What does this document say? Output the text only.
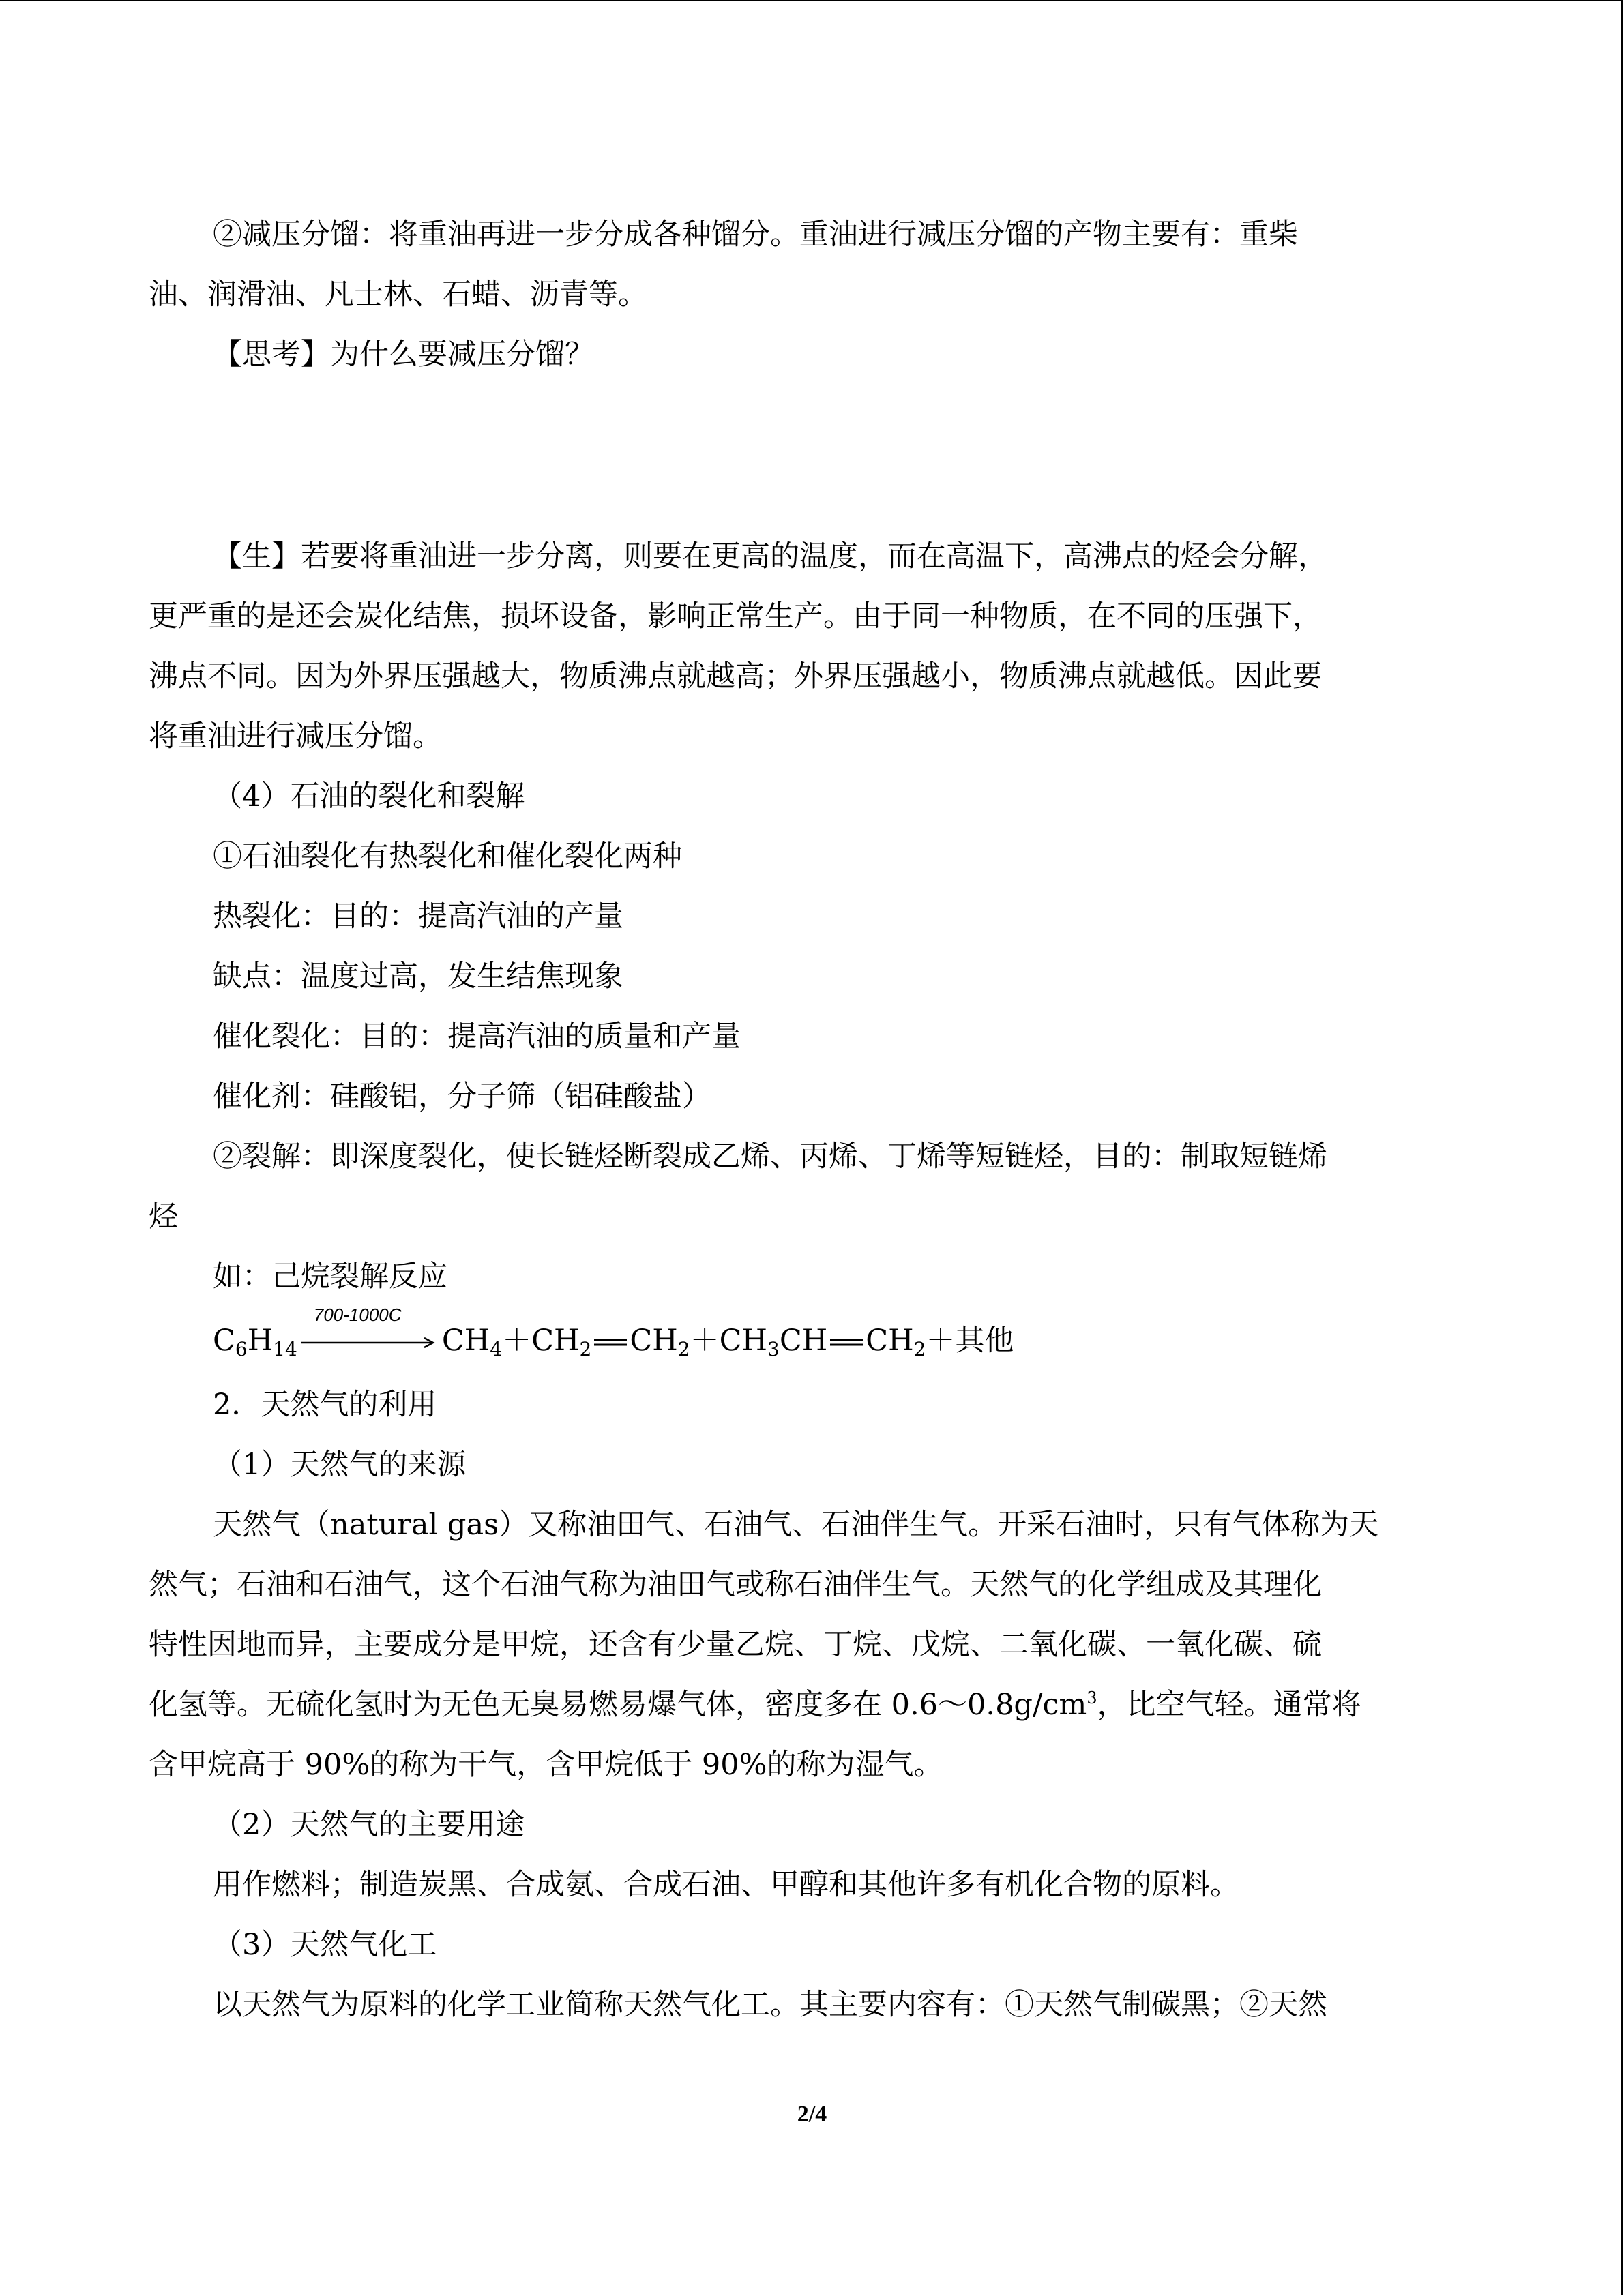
②减压分馏：将重油再进一步分成各种馏分。重油进行减压分馏的产物主要有：重柴
油、润滑油、凡士林、石蜡、沥青等。
【思考】为什么要减压分馏？
【生】若要将重油进一步分离，则要在更高的温度，而在高温下，高沸点的烃会分解，
更严重的是还会炭化结焦，损坏设备，影响正常生产。由于同一种物质，在不同的压强下，
沸点不同。因为外界压强越大，物质沸点就越高；外界压强越小，物质沸点就越低。因此要
将重油进行减压分馏。
（4）石油的裂化和裂解
①石油裂化有热裂化和催化裂化两种
热裂化：目的：提高汽油的产量
缺点：温度过高，发生结焦现象
催化裂化：目的：提高汽油的质量和产量
催化剂：硅酸铝，分子筛（铝硅酸盐）
②裂解：即深度裂化，使长链烃断裂成乙烯、丙烯、丁烯等短链烃，目的：制取短链烯
烃
如：己烷裂解反应
$C_6H_{14}$
700-1000C
$CH_4+CH_2$ $CH_2+CH_3CH$ $CH_2+$其他
2．天然气的利用
（1）天然气的来源
天然气（natural gas）又称油田气、石油气、石油伴生气。开采石油时，只有气体称为天
然气；石油和石油气，这个石油气称为油田气或称石油伴生气。天然气的化学组成及其理化
特性因地而异，主要成分是甲烷，还含有少量乙烷、丁烷、戊烷、二氧化碳、一氧化碳、硫
化氢等。无硫化氢时为无色无臭易燃易爆气体，密度多在 $0.6\sim 0.8g/cm^3$，比空气轻。通常将
含甲烷高于 90%的称为干气，含甲烷低于 90%的称为湿气。
（2）天然气的主要用途
用作燃料；制造炭黑、合成氨、合成石油、甲醇和其他许多有机化合物的原料。
（3）天然气化工
以天然气为原料的化学工业简称天然气化工。其主要内容有：①天然气制碳黑；②天然
2/4
